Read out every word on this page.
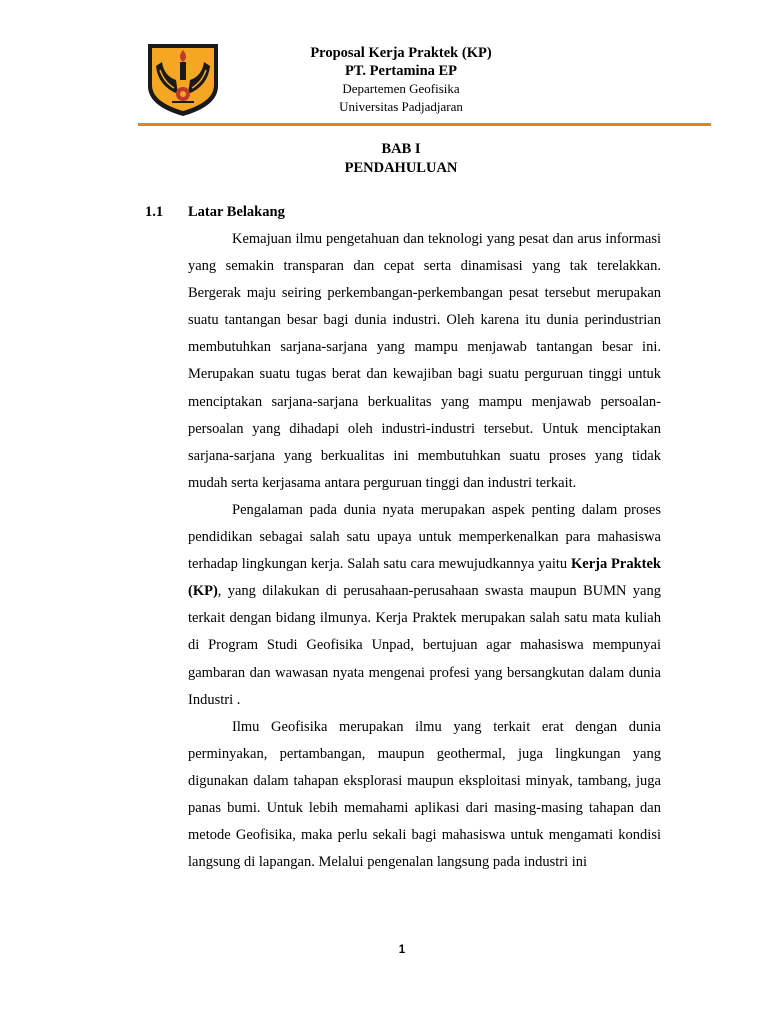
Proposal Kerja Praktek (KP)
PT. Pertamina EP
Departemen Geofisika
Universitas Padjadjaran
BAB I
PENDAHULUAN
1.1 Latar Belakang

Kemajuan ilmu pengetahuan dan teknologi yang pesat dan arus informasi yang semakin transparan dan cepat serta dinamisasi yang tak terelakkan. Bergerak maju seiring perkembangan-perkembangan pesat tersebut merupakan suatu tantangan besar bagi dunia industri. Oleh karena itu dunia perindustrian membutuhkan sarjana-sarjana yang mampu menjawab tantangan besar ini. Merupakan suatu tugas berat dan kewajiban bagi suatu perguruan tinggi untuk menciptakan sarjana-sarjana berkualitas yang mampu menjawab persoalan-persoalan yang dihadapi oleh industri-industri tersebut. Untuk menciptakan sarjana-sarjana yang berkualitas ini membutuhkan suatu proses yang tidak mudah serta kerjasama antara perguruan tinggi dan industri terkait.

Pengalaman pada dunia nyata merupakan aspek penting dalam proses pendidikan sebagai salah satu upaya untuk memperkenalkan para mahasiswa terhadap lingkungan kerja. Salah satu cara mewujudkannya yaitu Kerja Praktek (KP), yang dilakukan di perusahaan-perusahaan swasta maupun BUMN yang terkait dengan bidang ilmunya. Kerja Praktek merupakan salah satu mata kuliah di Program Studi Geofisika Unpad, bertujuan agar mahasiswa mempunyai gambaran dan wawasan nyata mengenai profesi yang bersangkutan dalam dunia Industri .

Ilmu Geofisika merupakan ilmu yang terkait erat dengan dunia perminyakan, pertambangan, maupun geothermal, juga lingkungan yang digunakan dalam tahapan eksplorasi maupun eksploitasi minyak, tambang, juga panas bumi. Untuk lebih memahami aplikasi dari masing-masing tahapan dan metode Geofisika, maka perlu sekali bagi mahasiswa untuk mengamati kondisi langsung di lapangan. Melalui pengenalan langsung pada industri ini

1
